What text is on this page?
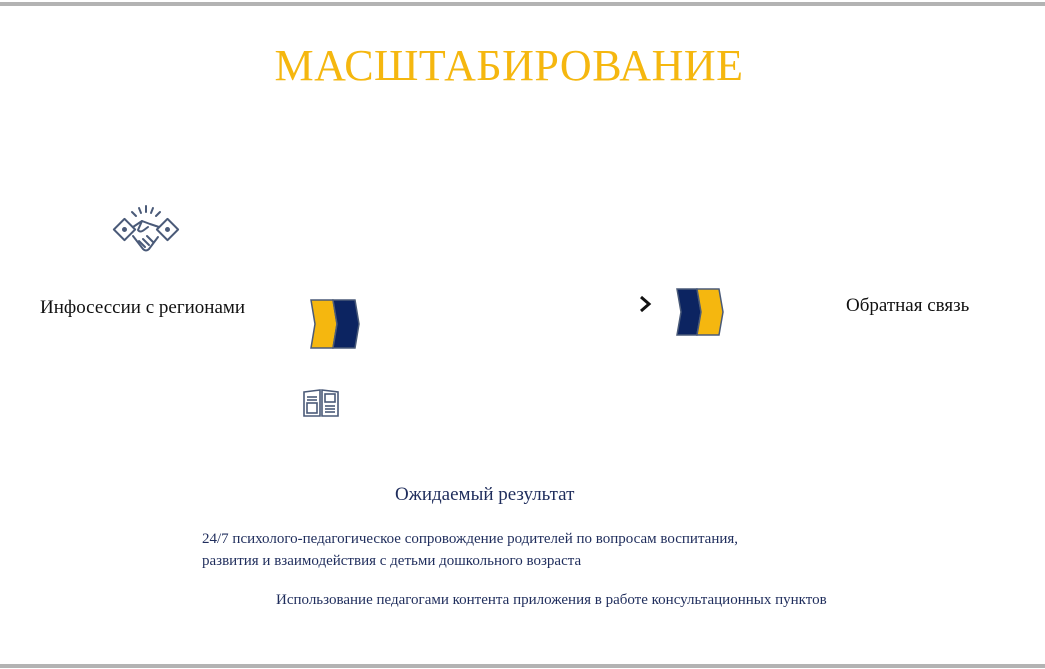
МАСШТАБИРОВАНИЕ
Инфосессии с регионами	Обратная связь
Ожидаемый результат
24/7 психолого-педагогическое сопровождение родителей по вопросам воспитания, развития и взаимодействия с детьми дошкольного возраста
Использование педагогами контента приложения в работе консультационных пунктов
